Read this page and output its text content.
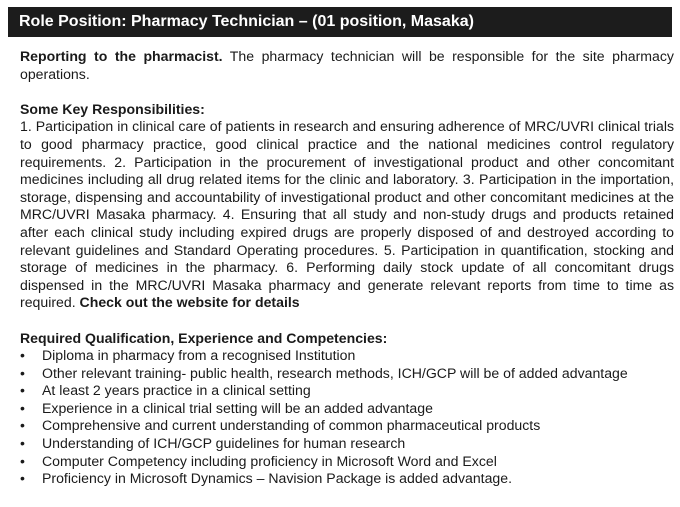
Role Position: Pharmacy Technician – (01 position, Masaka)

Reporting to the pharmacist. The pharmacy technician will be responsible for the site pharmacy operations.

Some Key Responsibilities:

1. Participation in clinical care of patients in research and ensuring adherence of MRC/UVRI clinical trials to good pharmacy practice, good clinical practice and the national medicines control regulatory requirements. 2. Participation in the procurement of investigational product and other concomitant medicines including all drug related items for the clinic and laboratory. 3. Participation in the importation, storage, dispensing and accountability of investigational product and other concomitant medicines at the MRC/UVRI Masaka pharmacy. 4. Ensuring that all study and non-study drugs and products retained after each clinical study including expired drugs are properly disposed of and destroyed according to relevant guidelines and Standard Operating procedures. 5. Participation in quantification, stocking and storage of medicines in the pharmacy. 6. Performing daily stock update of all concomitant drugs dispensed in the MRC/UVRI Masaka pharmacy and generate relevant reports from time to time as required. Check out the website for details

Required Qualification, Experience and Competencies:

• Diploma in pharmacy from a recognised Institution
• Other relevant training- public health, research methods, ICH/GCP will be of added advantage
• At least 2 years practice in a clinical setting
• Experience in a clinical trial setting will be an added advantage
• Comprehensive and current understanding of common pharmaceutical products
• Understanding of ICH/GCP guidelines for human research
• Computer Competency including proficiency in Microsoft Word and Excel
• Proficiency in Microsoft Dynamics – Navision Package is added advantage.
